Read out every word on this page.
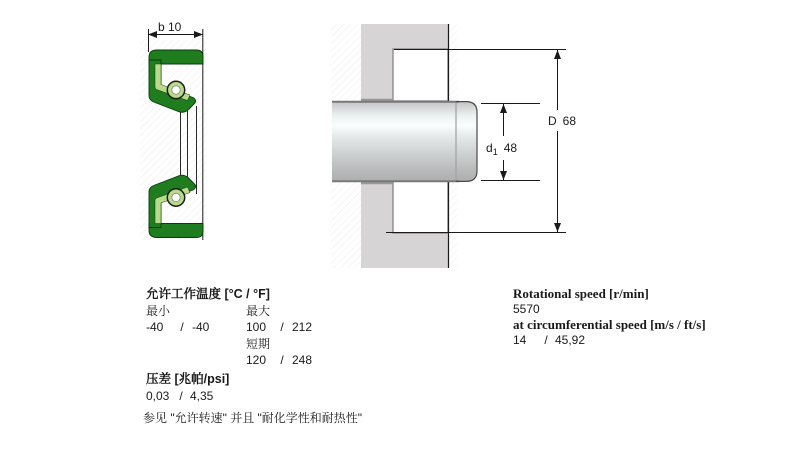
b 10
$d_1$ 48
D 68
允许工作温度 [°C / °F]
最小	最大
-40 / -40	100 / 212
短期
120 / 248
压差 [兆帕/psi]
0,03 / 4,35
参见 "允许转速" 并且 "耐化学性和耐热性"
Rotational speed [r/min]
5570
at circumferential speed [m/s / ft/s]
14 / 45,92
